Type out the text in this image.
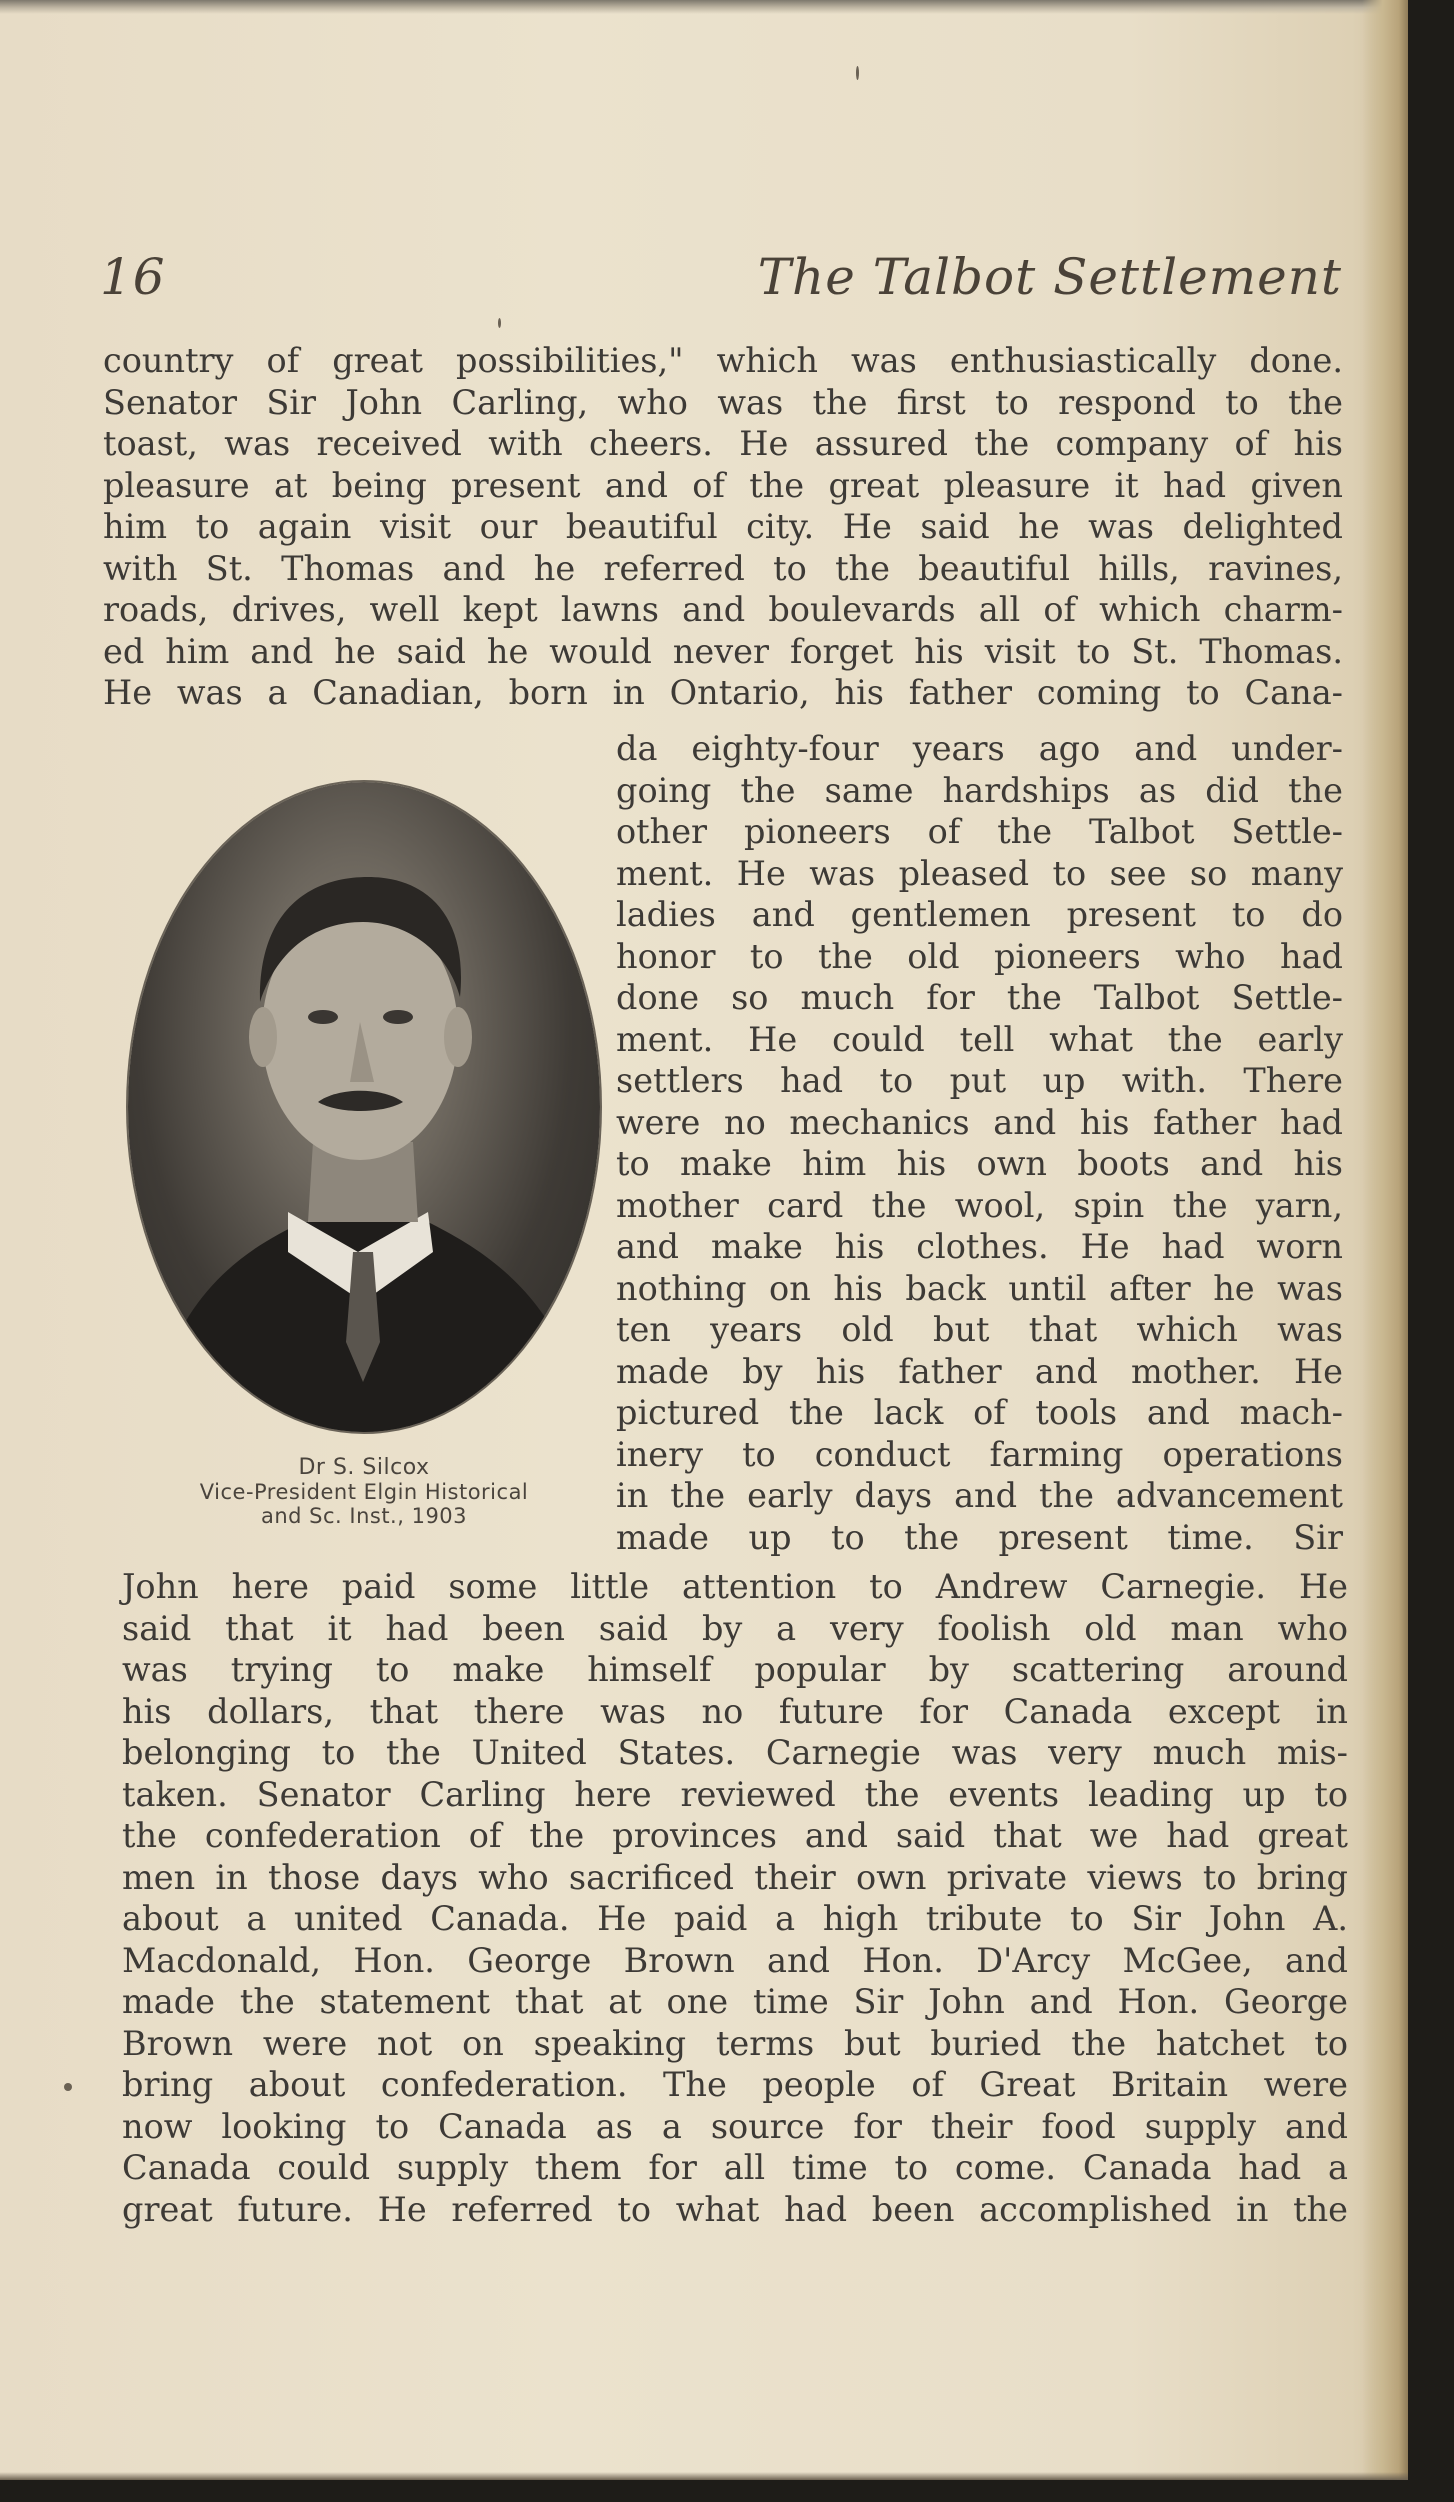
16	The Talbot Settlement
country of great possibilities," which was enthusiastically done.
Senator Sir John Carling, who was the first to respond to the
toast, was received with cheers. He assured the company of his
pleasure at being present and of the great pleasure it had given
him to again visit our beautiful city. He said he was delighted
with St. Thomas and he referred to the beautiful hills, ravines,
roads, drives, well kept lawns and boulevards all of which charm-
ed him and he said he would never forget his visit to St. Thomas.
He was a Canadian, born in Ontario, his father coming to Cana-
Dr S. Silcox
Vice-President Elgin Historical
and Sc. Inst., 1903
da eighty-four years ago and under-
going the same hardships as did the
other pioneers of the Talbot Settle-
ment. He was pleased to see so many
ladies and gentlemen present to do
honor to the old pioneers who had
done so much for the Talbot Settle-
ment. He could tell what the early
settlers had to put up with. There
were no mechanics and his father had
to make him his own boots and his
mother card the wool, spin the yarn,
and make his clothes. He had worn
nothing on his back until after he was
ten years old but that which was
made by his father and mother. He
pictured the lack of tools and mach-
inery to conduct farming operations
in the early days and the advancement
made up to the present time. Sir
John here paid some little attention to Andrew Carnegie. He
said that it had been said by a very foolish old man who
was trying to make himself popular by scattering around
his dollars, that there was no future for Canada except in
belonging to the United States. Carnegie was very much mis-
taken. Senator Carling here reviewed the events leading up to
the confederation of the provinces and said that we had great
men in those days who sacrificed their own private views to bring
about a united Canada. He paid a high tribute to Sir John A.
Macdonald, Hon. George Brown and Hon. D'Arcy McGee, and
made the statement that at one time Sir John and Hon. George
Brown were not on speaking terms but buried the hatchet to
bring about confederation. The people of Great Britain were
now looking to Canada as a source for their food supply and
Canada could supply them for all time to come. Canada had a
great future. He referred to what had been accomplished in the
